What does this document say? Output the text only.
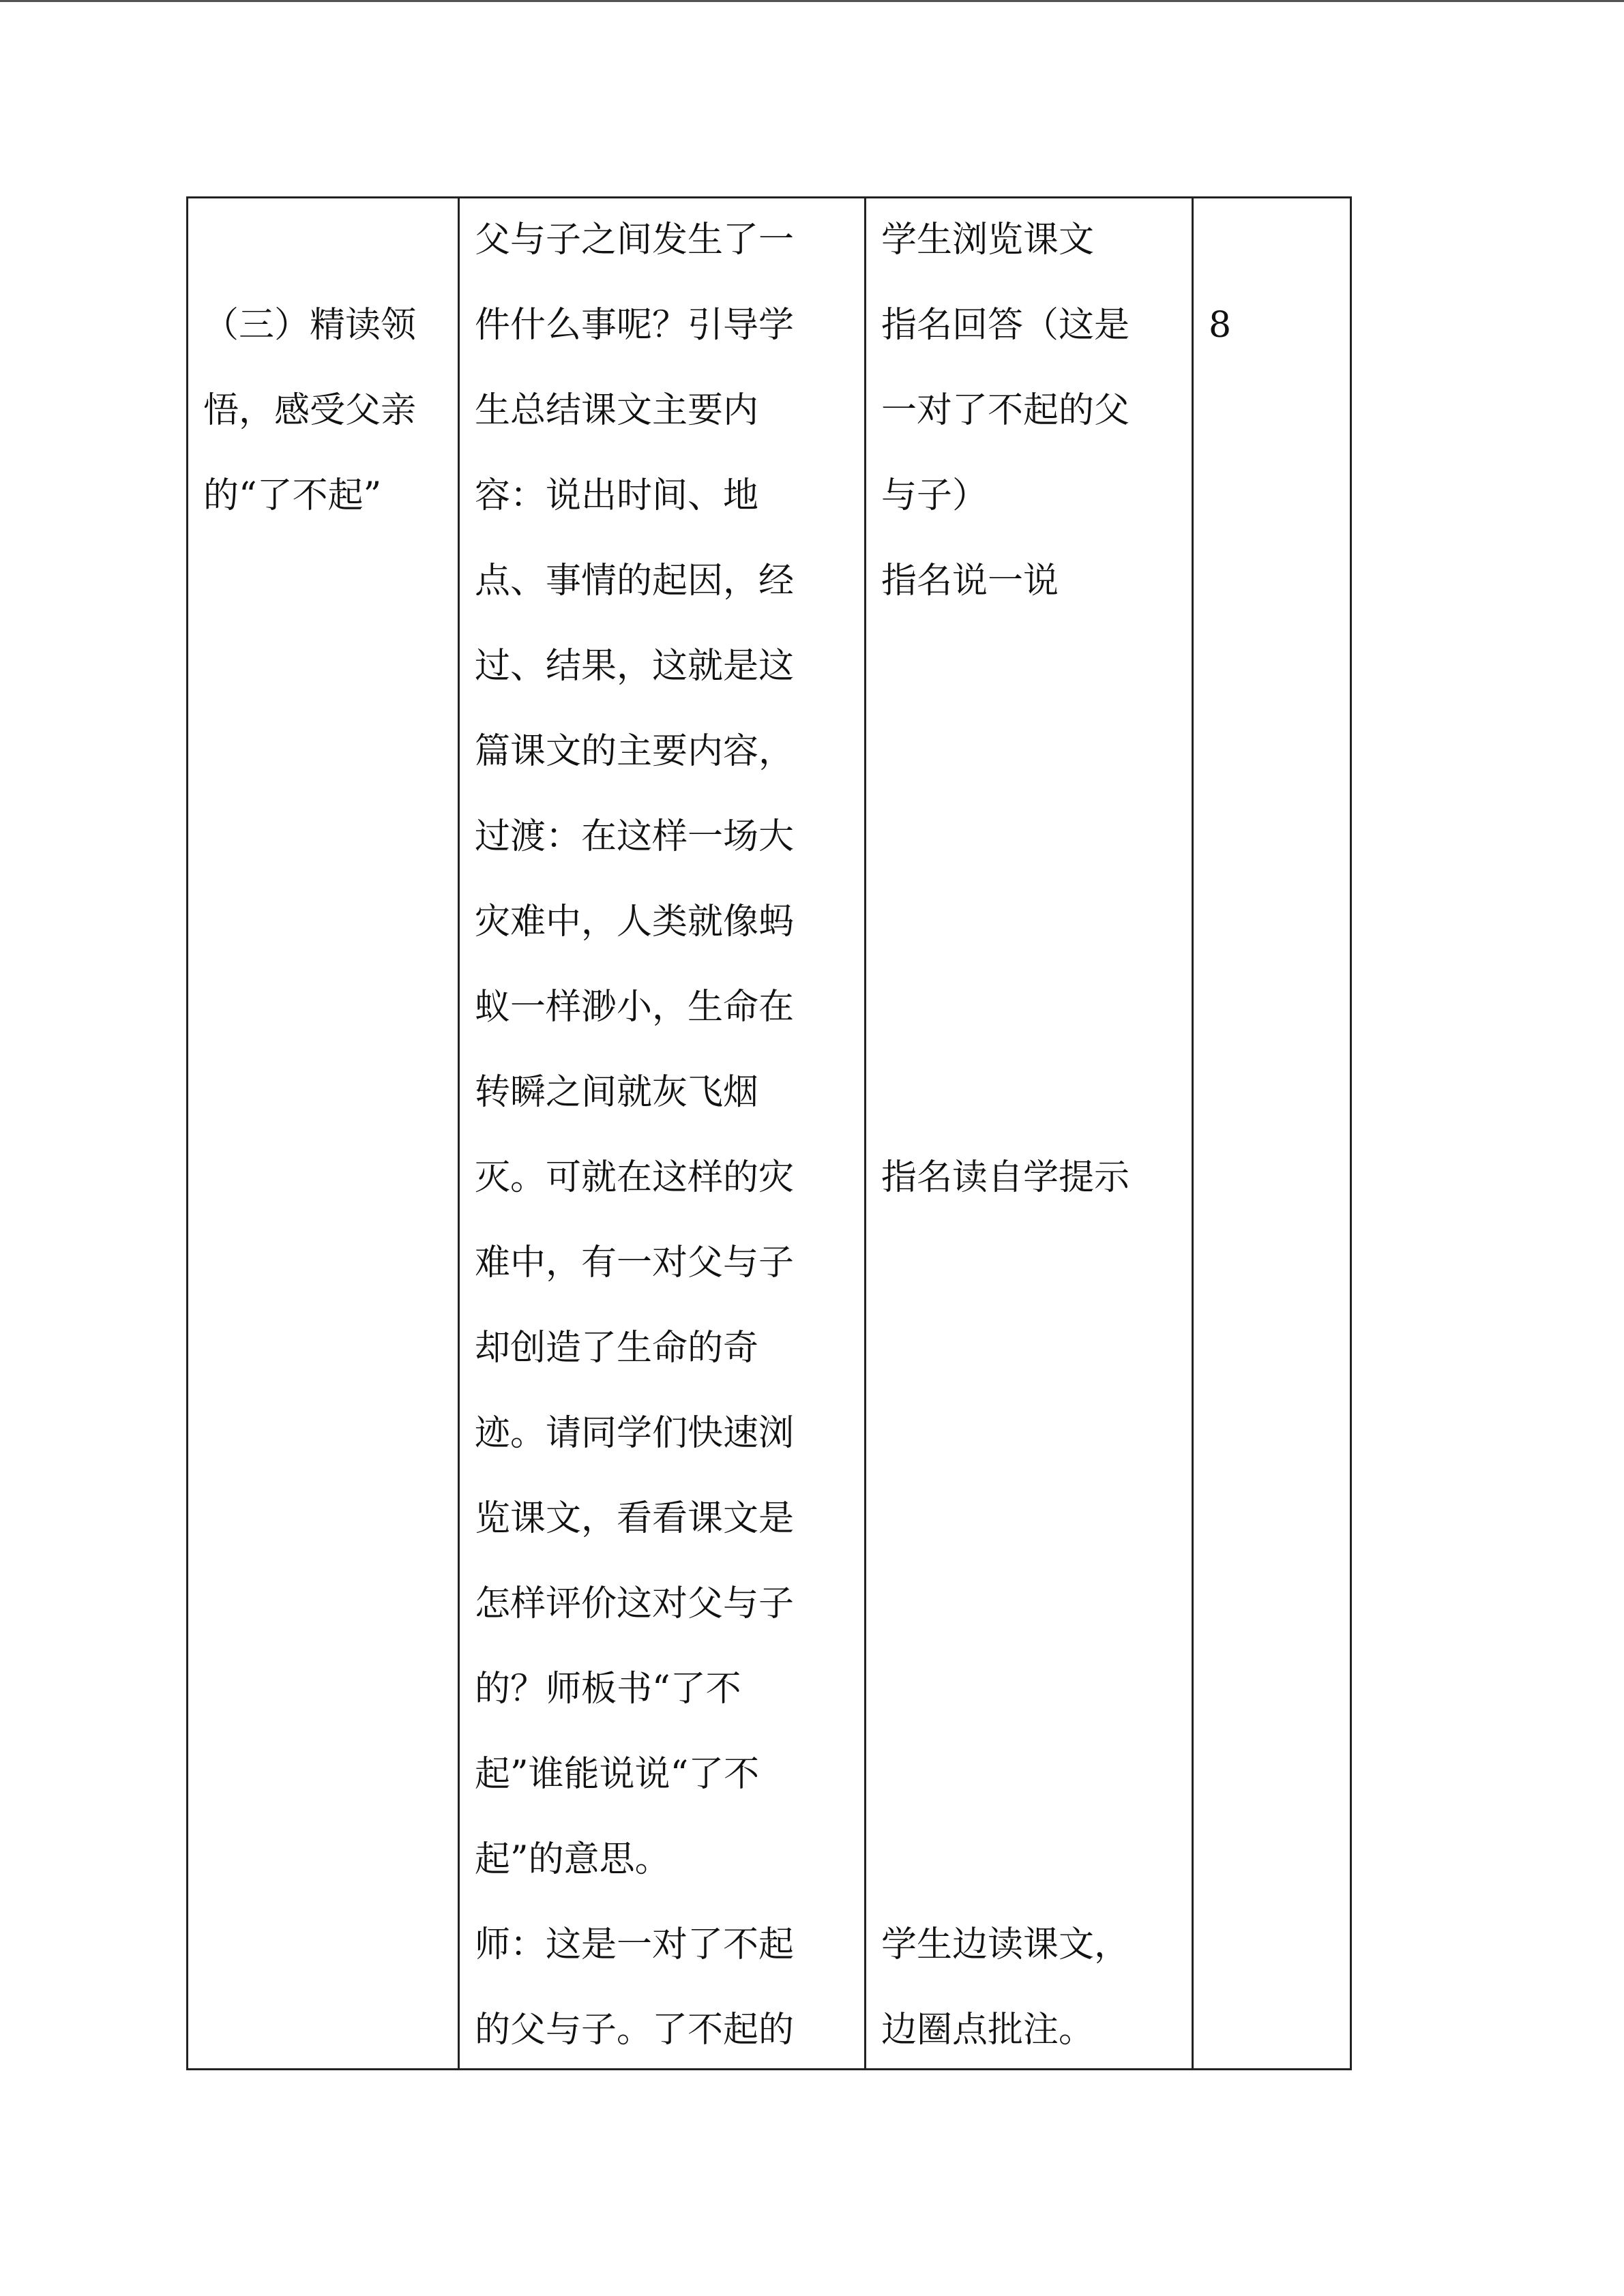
（三）精读领
悟，感受父亲
的“了不起”
父与子之间发生了一
件什么事呢？引导学
生总结课文主要内
容：说出时间、地
点、事情的起因，经
过、结果，这就是这
篇课文的主要内容，
过渡：在这样一场大
灾难中，人类就像蚂
蚁一样渺小，生命在
转瞬之间就灰飞烟
灭。可就在这样的灾
难中，有一对父与子
却创造了生命的奇
迹。请同学们快速浏
览课文，看看课文是
怎样评价这对父与子
的？师板书“了不
起”谁能说说“了不
起”的意思。
师：这是一对了不起
的父与子。了不起的
学生浏览课文
指名回答（这是
一对了不起的父
与子）
指名说一说
指名读自学提示
学生边读课文，
边圈点批注。
8
